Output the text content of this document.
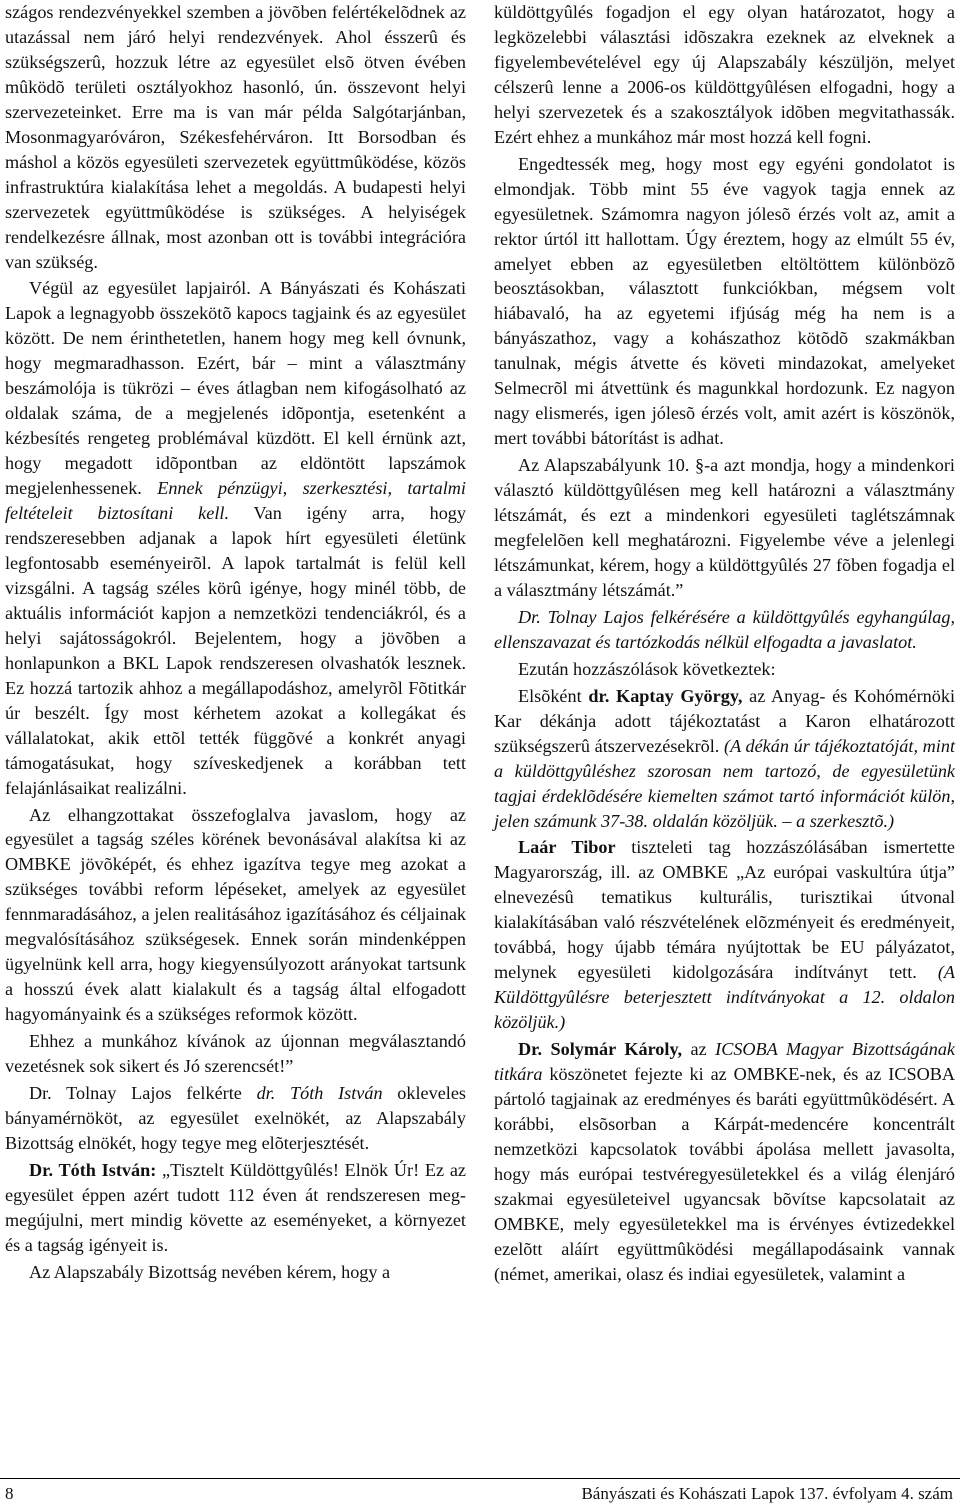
szágos rendezvényekkel szemben a jövõben felértékelõdnek az utazással nem járó helyi rendezvények. Ahol ésszerû és szükségszerû, hozzuk létre az egyesület elsõ ötven évében mûködõ területi osztályokhoz hasonló, ún. összevont helyi szervezeteinket. Erre ma is van már példa Salgótarjánban, Mosonmagyaróváron, Székesfehérváron. Itt Borsodban és máshol a közös egyesületi szervezetek együttmûködése, közös infrastruktúra kialakítása lehet a megoldás. A budapesti helyi szervezetek együttmûködése is szükséges. A helyiségek rendelkezésre állnak, most azonban ott is további integrációra van szükség.

Végül az egyesület lapjairól. A Bányászati és Kohászati Lapok a legnagyobb összekötõ kapocs tagjaink és az egyesület között. De nem érinthetetlen, hanem hogy meg kell óvnunk, hogy megmaradhasson. Ezért, bár – mint a választmány beszámolója is tükrözi – éves átlagban nem kifogásolható az oldalak száma, de a megjelenés idõpontja, esetenként a kézbesítés rengeteg problémával küzdött. El kell érnünk azt, hogy megadott idõpontban az eldöntött lapszámok megjelenhessenek. Ennek pénzügyi, szerkesztési, tartalmi feltételeit biztosítani kell. Van igény arra, hogy rendszeresebben adjanak a lapok hírt egyesületi életünk legfontosabb eseményeirõl. A lapok tartalmát is felül kell vizsgálni. A tagság széles körû igénye, hogy minél több, de aktuális információt kapjon a nemzetközi tendenciákról, és a helyi sajátosságokról. Bejelentem, hogy a jövõben a honlapunkon a BKL Lapok rendszeresen olvashatók lesznek. Ez hozzá tartozik ahhoz a megállapodáshoz, amelyrõl Fõtitkár úr beszélt. Így most kérhetem azokat a kollegákat és vállalatokat, akik ettõl tették függõvé a konkrét anyagi támogatásukat, hogy szíveskedjenek a korábban tett felajánlásaikat realizálni.

Az elhangzottakat összefoglalva javaslom, hogy az egyesület a tagság széles körének bevonásával alakítsa ki az OMBKE jövõképét, és ehhez igazítva tegye meg azokat a szükséges további reform lépéseket, amelyek az egyesület fennmaradásához, a jelen realitásához igazításához és céljainak megvalósításához szükségesek. Ennek során mindenképpen ügyelnünk kell arra, hogy kiegyensúlyozott arányokat tartsunk a hosszú évek alatt kialakult és a tagság által elfogadott hagyományaink és a szükséges reformok között.

Ehhez a munkához kívánok az újonnan megválasztandó vezetésnek sok sikert és Jó szerencsét!”

Dr. Tolnay Lajos felkérte dr. Tóth István okleveles bányamérnököt, az egyesület exelnökét, az Alapszabály Bizottság elnökét, hogy tegye meg elõterjesztését.

Dr. Tóth István: „Tisztelt Küldöttgyûlés! Elnök Úr! Ez az egyesület éppen azért tudott 112 éven át rendszeresen meg-megújulni, mert mindig követte az eseményeket, a környezet és a tagság igényeit is.

Az Alapszabály Bizottság nevében kérem, hogy a

küldöttgyûlés fogadjon el egy olyan határozatot, hogy a legközelebbi választási idõszakra ezeknek az elveknek a figyelembevételével egy új Alapszabály készüljön, melyet célszerû lenne a 2006-os küldöttgyûlésen elfogadni, hogy a helyi szervezetek és a szakosztályok idõben megvitathassák. Ezért ehhez a munkához már most hozzá kell fogni.

Engedtessék meg, hogy most egy egyéni gondolatot is elmondjak. Több mint 55 éve vagyok tagja ennek az egyesületnek. Számomra nagyon jólesõ érzés volt az, amit a rektor úrtól itt hallottam. Úgy éreztem, hogy az elmúlt 55 év, amelyet ebben az egyesületben eltöltöttem különbözõ beosztásokban, választott funkciókban, mégsem volt hiábavaló, ha az egyetemi ifjúság még ha nem is a bányászathoz, vagy a kohászathoz kötõdõ szakmákban tanulnak, mégis átvette és követi mindazokat, amelyeket Selmecrõl mi átvettünk és magunkkal hordozunk. Ez nagyon nagy elismerés, igen jólesõ érzés volt, amit azért is köszönök, mert további bátorítást is adhat.

Az Alapszabályunk 10. §-a azt mondja, hogy a mindenkori választó küldöttgyûlésen meg kell határozni a választmány létszámát, és ezt a mindenkori egyesületi taglétszámnak megfelelõen kell meghatározni. Figyelembe véve a jelenlegi létszámunkat, kérem, hogy a küldöttgyûlés 27 fõben fogadja el a választmány létszámát.”

Dr. Tolnay Lajos felkérésére a küldöttgyûlés egyhangúlag, ellenszavazat és tartózkodás nélkül elfogadta a javaslatot.

Ezután hozzászólások következtek:

Elsõként dr. Kaptay György, az Anyag- és Kohómérnöki Kar dékánja adott tájékoztatást a Karon elhatározott szükségszerû átszervezésekrõl. (A dékán úr tájékoztatóját, mint a küldöttgyûléshez szorosan nem tartozó, de egyesületünk tagjai érdeklõdésére kiemelten számot tartó információt külön, jelen számunk 37-38. oldalán közöljük. – a szerkesztõ.)

Laár Tibor tiszteleti tag hozzászólásában ismertette Magyarország, ill. az OMBKE „Az európai vaskultúra útja” elnevezésû tematikus kulturális, turisztikai útvonal kialakításában való részvételének elõzményeit és eredményeit, továbbá, hogy újabb témára nyújtottak be EU pályázatot, melynek egyesületi kidolgozására indítványt tett. (A Küldöttgyûlésre beterjesztett indítványokat a 12. oldalon közöljük.)

Dr. Solymár Károly, az ICSOBA Magyar Bizottságának titkára köszönetet fejezte ki az OMBKE-nek, és az ICSOBA pártoló tagjainak az eredményes és baráti együttmûködésért. A korábbi, elsõsorban a Kárpát-medencére koncentrált nemzetközi kapcsolatok további ápolása mellett javasolta, hogy más európai testvéregyesületekkel és a világ élenjáró szakmai egyesületeivel ugyancsak bõvítse kapcsolatait az OMBKE, mely egyesületekkel ma is érvényes évtizedekkel ezelõtt aláírt együttmûködési megállapodásaink vannak (német, amerikai, olasz és indiai egyesületek, valamint a

8	Bányászati és Kohászati Lapok 137. évfolyam 4. szám
